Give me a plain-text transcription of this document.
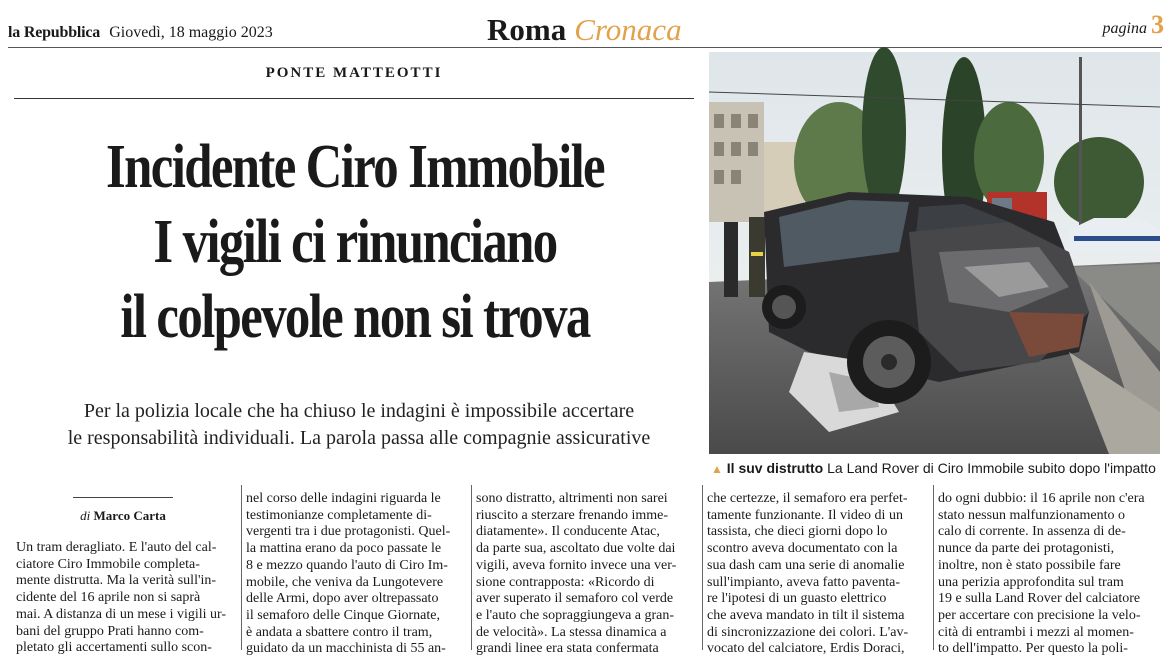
la Repubblica Giovedì, 18 maggio 2023	Roma Cronaca	pagina 3
PONTE MATTEOTTI
Incidente Ciro Immobile
I vigili ci rinunciano
il colpevole non si trova
Per la polizia locale che ha chiuso le indagini è impossibile accertare
le responsabilità individuali. La parola passa alle compagnie assicurative
▲ Il suv distrutto La Land Rover di Ciro Immobile subito dopo l'impatto
di Marco Carta
Un tram deragliato. E l'auto del cal-
ciatore Ciro Immobile completa-
mente distrutta. Ma la verità sull'in-
cidente del 16 aprile non si saprà
mai. A distanza di un mese i vigili ur-
bani del gruppo Prati hanno com-
pletato gli accertamenti sullo scon-
nel corso delle indagini riguarda le
testimonianze completamente di-
vergenti tra i due protagonisti. Quel-
la mattina erano da poco passate le
8 e mezzo quando l'auto di Ciro Im-
mobile, che veniva da Lungotevere
delle Armi, dopo aver oltrepassato
il semaforo delle Cinque Giornate,
è andata a sbattere contro il tram,
guidato da un macchinista di 55 an-
sono distratto, altrimenti non sarei
riuscito a sterzare frenando imme-
diatamente». Il conducente Atac,
da parte sua, ascoltato due volte dai
vigili, aveva fornito invece una ver-
sione contrapposta: «Ricordo di
aver superato il semaforo col verde
e l'auto che sopraggiungeva a gran-
de velocità». La stessa dinamica a
grandi linee era stata confermata
che certezze, il semaforo era perfet-
tamente funzionante. Il video di un
tassista, che dieci giorni dopo lo
scontro aveva documentato con la
sua dash cam una serie di anomalie
sull'impianto, aveva fatto paventa-
re l'ipotesi di un guasto elettrico
che aveva mandato in tilt il sistema
di sincronizzazione dei colori. L'av-
vocato del calciatore, Erdis Doraci,
do ogni dubbio: il 16 aprile non c'era
stato nessun malfunzionamento o
calo di corrente. In assenza di de-
nunce da parte dei protagonisti,
inoltre, non è stato possibile fare
una perizia approfondita sul tram
19 e sulla Land Rover del calciatore
per accertare con precisione la velo-
cità di entrambi i mezzi al momen-
to dell'impatto. Per questo la poli-
